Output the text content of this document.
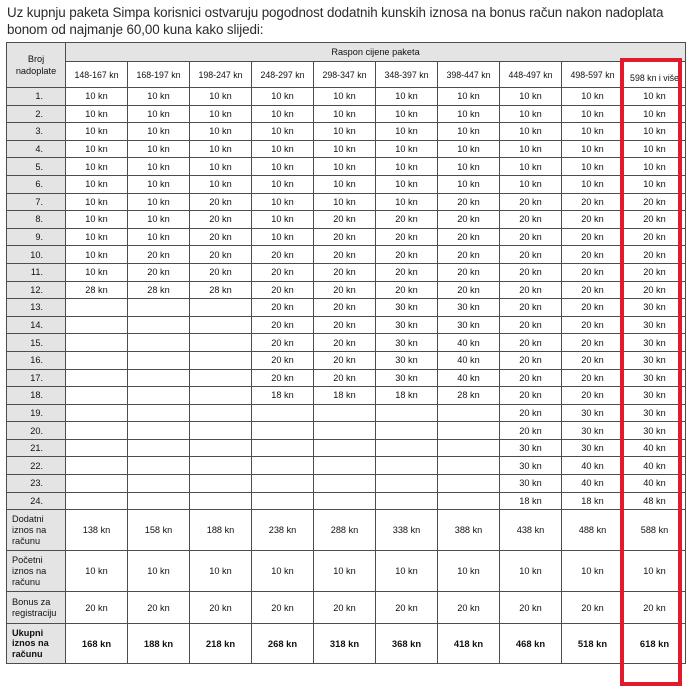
Uz kupnju paketa Simpa korisnici ostvaruju pogodnost dodatnih kunskih iznosa na bonus račun nakon nadoplata bonom od najmanje 60,00 kuna kako slijedi:
Broj nadoplate	Raspon cijene paketa									
	148-167 kn	168-197 kn	198-247 kn	248-297 kn	298-347 kn	348-397 kn	398-447 kn	448-497 kn	498-597 kn	598 kn i više
1.	10 kn	10 kn	10 kn	10 kn	10 kn	10 kn	10 kn	10 kn	10 kn	10 kn
2.	10 kn	10 kn	10 kn	10 kn	10 kn	10 kn	10 kn	10 kn	10 kn	10 kn
3.	10 kn	10 kn	10 kn	10 kn	10 kn	10 kn	10 kn	10 kn	10 kn	10 kn
4.	10 kn	10 kn	10 kn	10 kn	10 kn	10 kn	10 kn	10 kn	10 kn	10 kn
5.	10 kn	10 kn	10 kn	10 kn	10 kn	10 kn	10 kn	10 kn	10 kn	10 kn
6.	10 kn	10 kn	10 kn	10 kn	10 kn	10 kn	10 kn	10 kn	10 kn	10 kn
7.	10 kn	10 kn	20 kn	10 kn	10 kn	10 kn	20 kn	20 kn	20 kn	20 kn
8.	10 kn	10 kn	20 kn	10 kn	20 kn	20 kn	20 kn	20 kn	20 kn	20 kn
9.	10 kn	10 kn	20 kn	10 kn	20 kn	20 kn	20 kn	20 kn	20 kn	20 kn
10.	10 kn	20 kn	20 kn	20 kn	20 kn	20 kn	20 kn	20 kn	20 kn	20 kn
11.	10 kn	20 kn	20 kn	20 kn	20 kn	20 kn	20 kn	20 kn	20 kn	20 kn
12.	28 kn	28 kn	28 kn	20 kn	20 kn	20 kn	20 kn	20 kn	20 kn	20 kn
13.				20 kn	20 kn	30 kn	30 kn	20 kn	20 kn	30 kn
14.				20 kn	20 kn	30 kn	30 kn	20 kn	20 kn	30 kn
15.				20 kn	20 kn	30 kn	40 kn	20 kn	20 kn	30 kn
16.				20 kn	20 kn	30 kn	40 kn	20 kn	20 kn	30 kn
17.				20 kn	20 kn	30 kn	40 kn	20 kn	20 kn	30 kn
18.				18 kn	18 kn	18 kn	28 kn	20 kn	20 kn	30 kn
19.								20 kn	30 kn	30 kn
20.								20 kn	30 kn	30 kn
21.								30 kn	30 kn	40 kn
22.								30 kn	40 kn	40 kn
23.								30 kn	40 kn	40 kn
24.								18 kn	18 kn	48 kn
Dodatni iznos na računu	138 kn	158 kn	188 kn	238 kn	288 kn	338 kn	388 kn	438 kn	488 kn	588 kn
Početni iznos na računu	10 kn	10 kn	10 kn	10 kn	10 kn	10 kn	10 kn	10 kn	10 kn	10 kn
Bonus za registraciju	20 kn	20 kn	20 kn	20 kn	20 kn	20 kn	20 kn	20 kn	20 kn	20 kn
Ukupni iznos na računu	168 kn	188 kn	218 kn	268 kn	318 kn	368 kn	418 kn	468 kn	518 kn	618 kn
